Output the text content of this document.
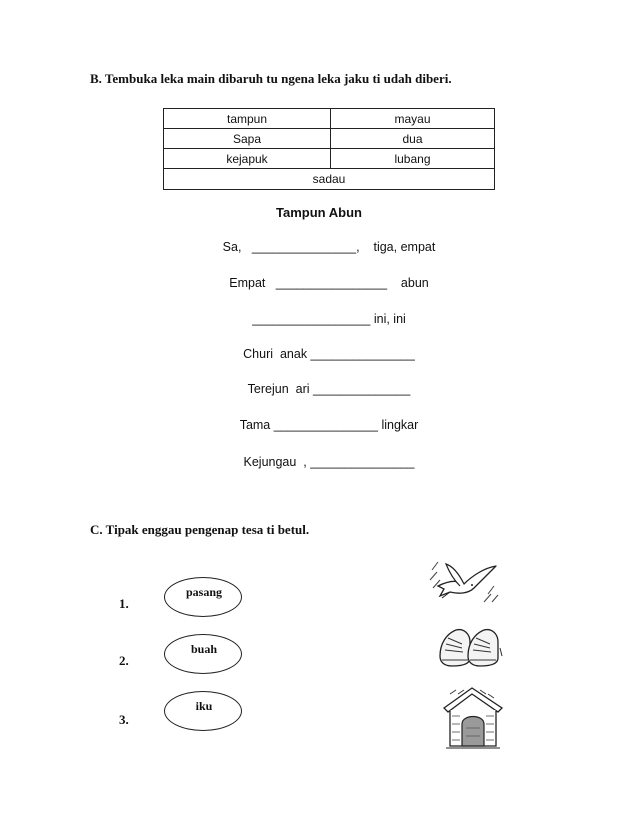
B. Tembuka leka main dibaruh tu ngena leka jaku ti udah diberi.
tampun	mayau
Sapa	dua
kejapuk	lubang
sadau	
Tampun Abun
Sa,   _______________,    tiga, empat
Empat   ________________    abun
_________________ ini, ini
Churi  anak _______________
Terejun  ari ______________
Tama _______________ lingkar
Kejungau  , _______________
C. Tipak enggau pengenap tesa ti betul.
1.
pasang
2.
buah
3.
iku
